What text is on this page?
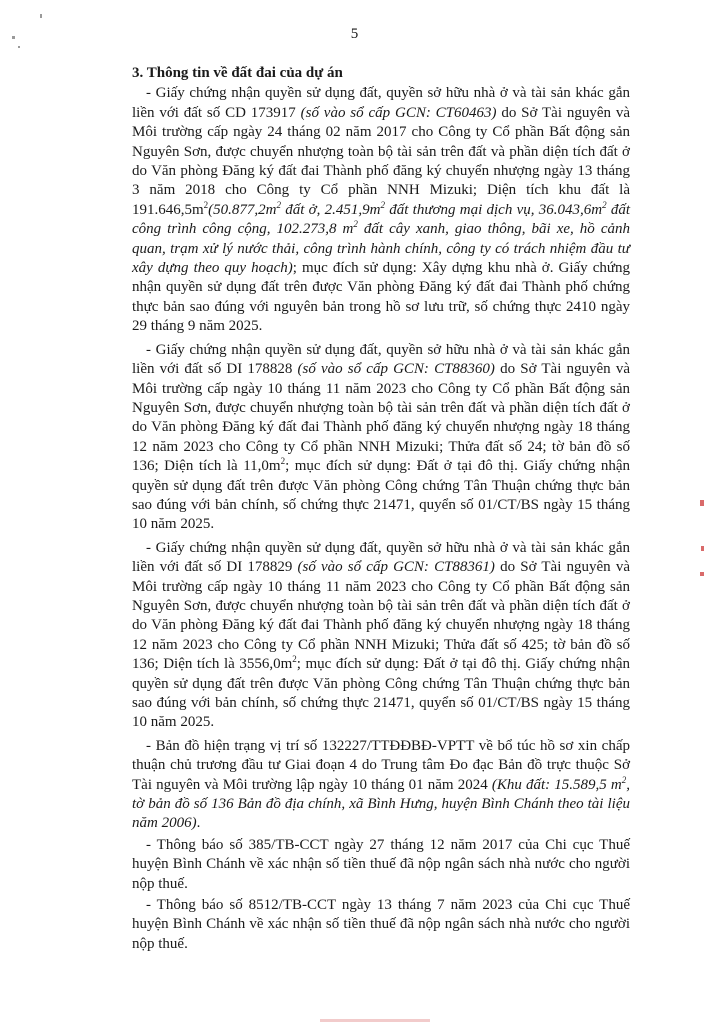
5
3. Thông tin về đất đai của dự án

- Giấy chứng nhận quyền sử dụng đất, quyền sở hữu nhà ở và tài sản khác gắn liền với đất số CD 173917 (số vào sổ cấp GCN: CT60463) do Sở Tài nguyên và Môi trường cấp ngày 24 tháng 02 năm 2017 cho Công ty Cổ phần Bất động sản Nguyên Sơn, được chuyển nhượng toàn bộ tài sản trên đất và phần diện tích đất ở do Văn phòng Đăng ký đất đai Thành phố đăng ký chuyển nhượng ngày 13 tháng 3 năm 2018 cho Công ty Cổ phần NNH Mizuki; Diện tích khu đất là $191.646,5m^2(50.877,2m^2$ đất ở, $2.451,9m^2$ đất thương mại dịch vụ, $36.043,6m^2$ đất công trình công cộng, 102.273,8 $m^2$ đất cây xanh, giao thông, bãi xe, hồ cảnh quan, trạm xử lý nước thải, công trình hành chính, công ty có trách nhiệm đầu tư xây dựng theo quy hoạch); mục đích sử dụng: Xây dựng khu nhà ở. Giấy chứng nhận quyền sử dụng đất trên được Văn phòng Đăng ký đất đai Thành phố chứng thực bản sao đúng với nguyên bản trong hồ sơ lưu trữ, số chứng thực 2410 ngày 29 tháng 9 năm 2025.

- Giấy chứng nhận quyền sử dụng đất, quyền sở hữu nhà ở và tài sản khác gắn liền với đất số DI 178828 (số vào sổ cấp GCN: CT88360) do Sở Tài nguyên và Môi trường cấp ngày 10 tháng 11 năm 2023 cho Công ty Cổ phần Bất động sản Nguyên Sơn, được chuyển nhượng toàn bộ tài sản trên đất và phần diện tích đất ở do Văn phòng Đăng ký đất đai Thành phố đăng ký chuyển nhượng ngày 18 tháng 12 năm 2023 cho Công ty Cổ phần NNH Mizuki; Thửa đất số 24; tờ bản đồ số 136; Diện tích là $11,0m^2$; mục đích sử dụng: Đất ở tại đô thị. Giấy chứng nhận quyền sử dụng đất trên được Văn phòng Công chứng Tân Thuận chứng thực bản sao đúng với bản chính, số chứng thực 21471, quyển số 01/CT/BS ngày 15 tháng 10 năm 2025.

- Giấy chứng nhận quyền sử dụng đất, quyền sở hữu nhà ở và tài sản khác gắn liền với đất số DI 178829 (số vào sổ cấp GCN: CT88361) do Sở Tài nguyên và Môi trường cấp ngày 10 tháng 11 năm 2023 cho Công ty Cổ phần Bất động sản Nguyên Sơn, được chuyển nhượng toàn bộ tài sản trên đất và phần diện tích đất ở do Văn phòng Đăng ký đất đai Thành phố đăng ký chuyển nhượng ngày 18 tháng 12 năm 2023 cho Công ty Cổ phần NNH Mizuki; Thửa đất số 425; tờ bản đồ số 136; Diện tích là $3556,0m^2$; mục đích sử dụng: Đất ở tại đô thị. Giấy chứng nhận quyền sử dụng đất trên được Văn phòng Công chứng Tân Thuận chứng thực bản sao đúng với bản chính, số chứng thực 21471, quyển số 01/CT/BS ngày 15 tháng 10 năm 2025.

- Bản đồ hiện trạng vị trí số 132227/TTĐĐBĐ-VPTT về bổ túc hồ sơ xin chấp thuận chủ trương đầu tư Giai đoạn 4 do Trung tâm Đo đạc Bản đồ trực thuộc Sở Tài nguyên và Môi trường lập ngày 10 tháng 01 năm 2024 (Khu đất: 15.589,5 $m^2$, tờ bản đồ số 136 Bản đồ địa chính, xã Bình Hưng, huyện Bình Chánh theo tài liệu năm 2006).

- Thông báo số 385/TB-CCT ngày 27 tháng 12 năm 2017 của Chi cục Thuế huyện Bình Chánh về xác nhận số tiền thuế đã nộp ngân sách nhà nước cho người nộp thuế.

- Thông báo số 8512/TB-CCT ngày 13 tháng 7 năm 2023 của Chi cục Thuế huyện Bình Chánh về xác nhận số tiền thuế đã nộp ngân sách nhà nước cho người nộp thuế.
